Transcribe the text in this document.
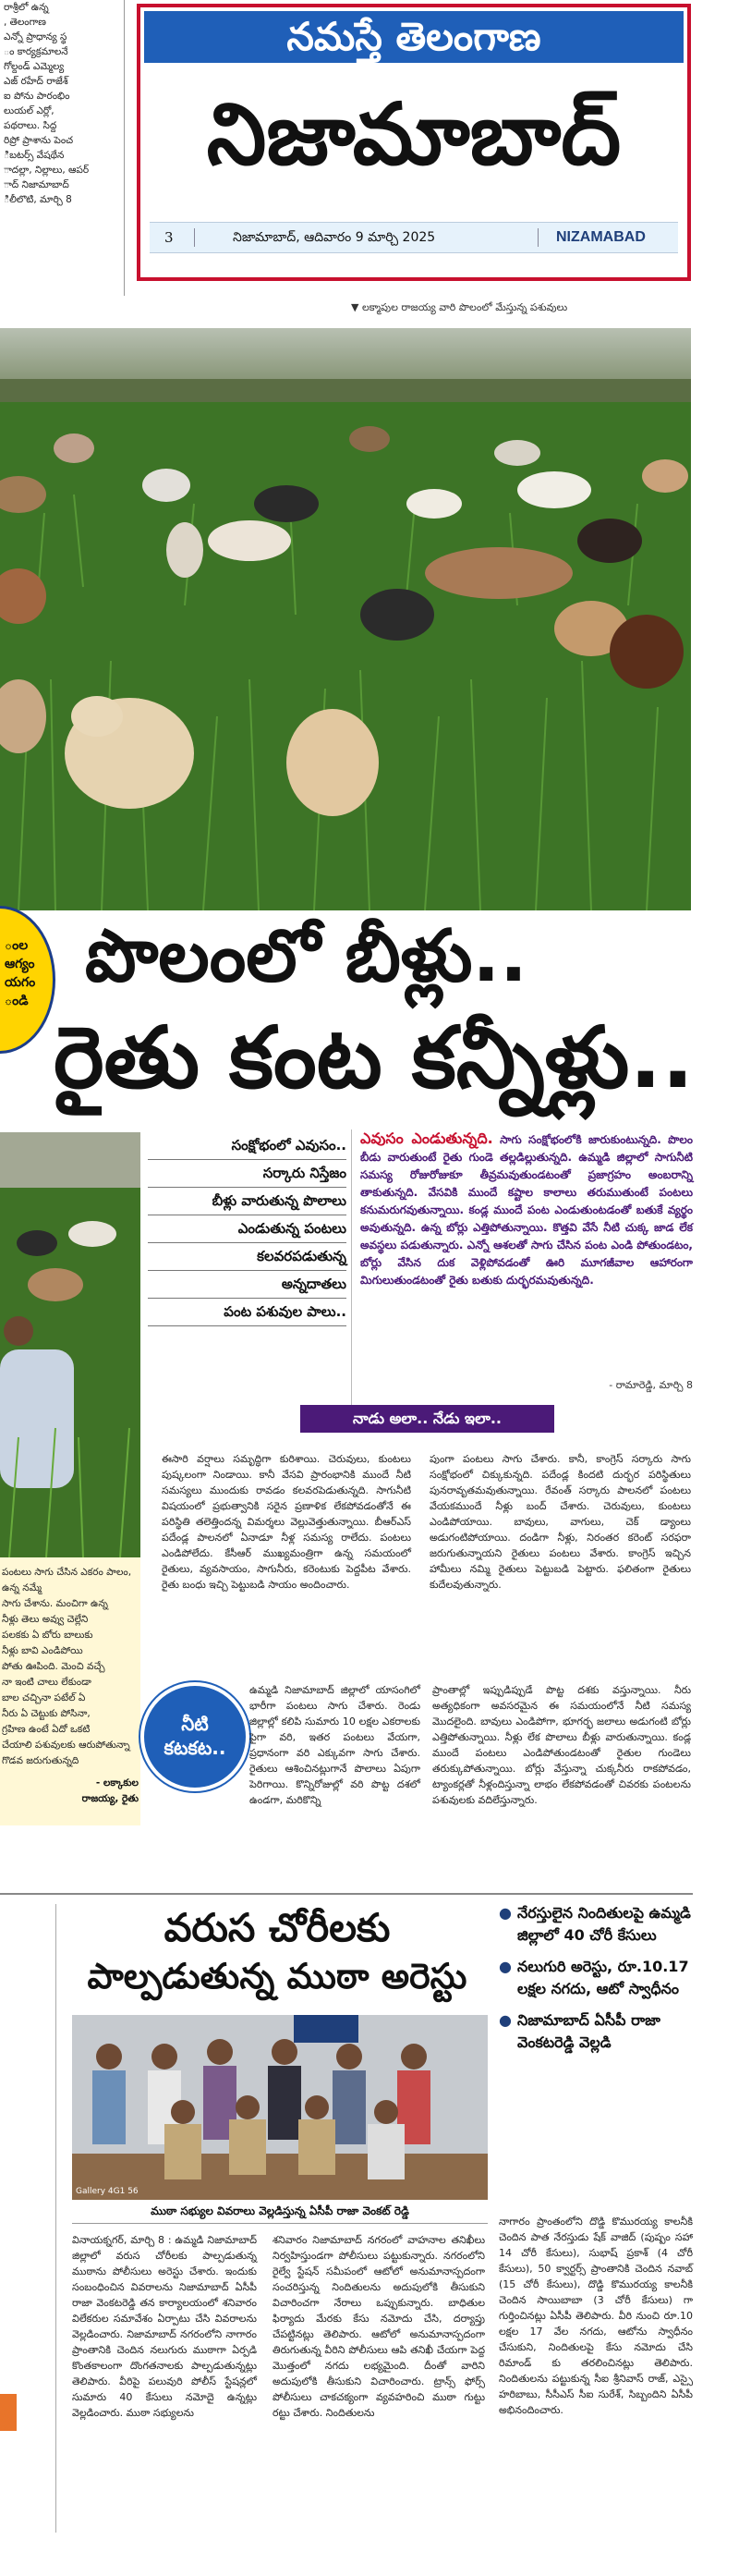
రాశ్రీలో ఉన్న
, తెలంగాణ
ఎన్నో ప్రాధాన్య స్థ
ం కార్యక్రమాలనే
గోల్దండ్ ఎమ్మెల్య
ఎజ్ రహేద్ రాజేశ్
ఐ పోను పారంభిం
లుయల్ ఎర్లో,
పథరాలు. సిద్ద
రిప్రో ప్రాశాను పెంచ
ిబటర్స్ వేషథేన
ాదల్లా, నిల్లాలు, ఆపర్
ాద్ నిజామాబాద్
ిలీలొటి, మార్చి 8
నమస్తే తెలంగాణ
నిజామాబాద్
3	నిజామాబాద్, ఆదివారం 9 మార్చి 2025	NIZAMABAD
▼ లక్మాపుల రాజయ్య వారి పొలంలో మేస్తున్న పశువులు
ంల
ఆగ్యం
యగం
ండి
పొలంలో బీళ్లు..
రైతు కంట కన్నీళ్లు..
సంక్షోభంలో ఎవుసం..
సర్కారు నిస్తేజం
బీళ్లు వారుతున్న పొలాలు
ఎండుతున్న పంటలు
కలవరపడుతున్న
అన్నదాతలు
పంట పశువుల పాలు..
ఎవుసం ఎండుతున్నది. సాగు సంక్షోభంలోకి జారుకుంటున్నది. పొలం బీడు వారుతుంటే రైతు గుండె తల్లడిల్లుతున్నది. ఉమ్మడి జిల్లాలో సాగునీటి సమస్య రోజురోజుకూ తీవ్రమవుతుండటంతో ప్రజాగ్రహం అంబరాన్ని తాకుతున్నది. వేసవికి ముందే కష్టాల కాలాలు తరుముతుంటే పంటలు కనుమరుగవుతున్నాయి. కండ్ల ముందే పంట ఎండుతుంటడంతో బతుకే వ్యర్థం అవుతున్నది. ఉన్న బోర్లు ఎత్తిపోతున్నాయి. కొత్తవి వేసే నీటి చుక్క జాడ లేక అవస్థలు పడుతున్నారు. ఎన్నో ఆశలతో సాగు చేసిన పంట ఎండి పోతుండటం, బోర్లు వేసిన దుక వెళ్లిపోవడంతో ఊరి మూగజీవాల ఆహారంగా మిగులుతుండటంతో రైతు బతుకు దుర్భరమవుతున్నది.
- రామారెడ్డి, మార్చి 8
నాడు అలా.. నేడు ఇలా..
ఈసారి వర్షాలు సమృద్ధిగా కురిశాయి. చెరువులు, కుంటలు పుష్కలంగా నిండాయి. కానీ వేసవి ప్రారంభానికి ముందే నీటి సమస్యలు ముందుకు రావడం కలవరపెడుతున్నది. సాగునీటి విషయంలో ప్రభుత్వానికి సరైన ప్రణాళిక లేకపోవడంతోనే ఈ పరిస్థితి తలెత్తిందన్న విమర్శలు వెల్లువెత్తుతున్నాయి. బీఆర్ఎస్ పదేండ్ల పాలనలో ఏనాడూ నీళ్ల సమస్య రాలేదు. పంటలు ఎండిపోలేదు. కేసీఆర్ ముఖ్యమంత్రిగా ఉన్న సమయంలో రైతులు, వ్యవసాయం, సాగునీరు, కరెంటుకు పెద్దపీట వేశారు. రైతు బంధు ఇచ్చి పెట్టుబడి సాయం అందించారు.
పుంగా పంటలు సాగు చేశారు. కానీ, కాంగ్రెస్ సర్కారు సాగు సంక్షోభంలో చిక్కుకున్నది. పదేండ్ల కిందటి దుర్భర పరిస్థితులు పునరావృతమవుతున్నాయి. రేవంత్ సర్కారు పాలనలో పంటలు వేయకముందే నీళ్లు బంద్ చేశారు. చెరువులు, కుంటలు ఎండిపోయాయి. బావులు, వాగులు, చెక్ డ్యాంలు అడుగంటిపోయాయి. దండిగా నీళ్లు, నిరంతర కరెంట్ సరఫరా జరుగుతున్నాయని రైతులు పంటలు వేశారు. కాంగ్రెస్ ఇచ్చిన హామీలు నమ్మి రైతులు పెట్టుబడి పెట్టారు. ఫలితంగా రైతులు కుదేలవుతున్నారు.
పంటలు సాగు చేసిన ఎకరం పాలం, ఉన్న నమ్మే
సాగు చేశాను. మంచిగా ఉన్న
నీళ్లు తెలు అవ్వు చెల్లేని
పలకకు ఏ బోరు బాలుకు
నీళ్లు బావి ఎండిపోయి
పోతు ఊపింది. మెంచి వచ్చే
నా ఇంటి చాలు లేకుండా
బాల చచ్చినా పటేల్ ఏ
నీరు ఏ చెట్టుకు పోసినా,
గ్రహిణ ఉంటే ఏదో ఒకటి
చేయాలి పశువులకు ఆరుపోతున్నా
గొడవ జరుగుతున్నది
- లక్కాకుల
రాజయ్య, రైతు
నీటి
కటకట..
ఉమ్మడి నిజామాబాద్ జిల్లాలో యాసంగిలో భారీగా పంటలు సాగు చేశారు. రెండు జిల్లాల్లో కలిపి సుమారు 10 లక్షల ఎకరాలకు పైగా వరి, ఇతర పంటలు వేయగా, ప్రధానంగా వరి ఎక్కువగా సాగు చేశారు. రైతులు ఆశించినట్లుగానే పొలాలు ఏపుగా పెరిగాయి. కొన్నిరోజుల్లో వరి పొట్ట దశలో ఉండగా, మరికొన్ని
ప్రాంతాల్లో ఇప్పుడిప్పుడే పొట్ట దశకు వస్తున్నాయి. నీరు అత్యధికంగా అవసరమైన ఈ సమయంలోనే నీటి సమస్య మొదలైంది. బావులు ఎండిపోగా, భూగర్భ జలాలు అడుగంటి బోర్లు ఎత్తిపోతున్నాయి. నీళ్లు లేక పొలాలు బీళ్లు వారుతున్నాయి. కండ్ల ముందే పంటలు ఎండిపోతుండటంతో రైతుల గుండెలు తరుక్కుపోతున్నాయి. బోర్లు వేస్తున్నా చుక్కనీరు రాకపోవడం, ట్యాంకర్లతో నీళ్లందిస్తున్నా లాభం లేకపోవడంతో చివరకు పంటలను పశువులకు వదిలేస్తున్నారు.
వరుస చోరీలకు
పాల్పడుతున్న ముఠా అరెస్టు
● నేరస్తులైన నిందితులపై ఉమ్మడి జిల్లాలో 40 చోరీ కేసులు
● నలుగురి అరెస్టు, రూ.10.17 లక్షల నగదు, ఆటో స్వాధీనం
● నిజామాబాద్ ఏసీపీ రాజా వెంకటరెడ్డి వెల్లడి
Gallery 4G1 56
ముఠా సభ్యుల వివరాలు వెల్లడిస్తున్న ఏసీపీ రాజా వెంకట్ రెడ్డి
వినాయక్నగర్, మార్చి 8 : ఉమ్మడి నిజామాబాద్ జిల్లాలో వరుస చోరీలకు పాల్పడుతున్న ముఠాను పోలీసులు అరెస్టు చేశారు. ఇందుకు సంబంధించిన వివరాలను నిజామాబాద్ ఏసీపీ రాజా వెంకటరెడ్డి తన కార్యాలయంలో శనివారం విలేకరుల సమావేశం ఏర్పాటు చేసి వివరాలను వెల్లడించారు. నిజామాబాద్ నగరంలోని నాగారం ప్రాంతానికి చెందిన నలుగురు ముఠాగా ఏర్పడి కొంతకాలంగా దొంగతనాలకు పాల్పడుతున్నట్లు తెలిపారు. వీరిపై పలువురి పోలీస్ స్టేషన్లలో సుమారు 40 కేసులు నమోదై ఉన్నట్లు వెల్లడించారు. ముఠా సభ్యులను
శనివారం నిజామాబాద్ నగరంలో వాహనాల తనిఖీలు నిర్వహిస్తుండగా పోలీసులు పట్టుకున్నారు. నగరంలోని రైల్వే స్టేషన్ సమీపంలో ఆటోలో అనుమానాస్పదంగా సంచరిస్తున్న నిందితులను అదుపులోకి తీసుకుని విచారించగా నేరాలు ఒప్పుకున్నారు. బాధితుల ఫిర్యాదు మేరకు కేసు నమోదు చేసి, దర్యాప్తు చేపట్టినట్లు తెలిపారు. ఆటోలో అనుమానాస్పదంగా తిరుగుతున్న వీరిని పోలీసులు ఆపి తనిఖీ చేయగా పెద్ద మొత్తంలో నగదు లభ్యమైంది. దీంతో వారిని అదుపులోకి తీసుకుని విచారించారు. ట్రాన్స్ ఫోర్స్ పోలీసులు చాకచక్యంగా వ్యవహరించి ముఠా గుట్టు రట్టు చేశారు. నిందితులను
నాగారం ప్రాంతంలోని దొడ్డి కొమురయ్య కాలనీకి చెందిన పాత నేరస్తుడు షేక్ వాజిద్ (పుష్పం సహా 14 చోరీ కేసులు), సుభాష్ ప్రకాశ్ (4 చోరీ కేసులు), 50 క్వార్టర్స్ ప్రాంతానికి చెందిన నవాబ్ (15 చోరీ కేసులు), దొడ్డి కొమురయ్య కాలనీకి చెందిన సాయిబాబా (3 చోరీ కేసులు) గా గుర్తించినట్లు ఏసీపీ తెలిపారు. వీరి నుంచి రూ.10 లక్షల 17 వేల నగదు, ఆటోను స్వాధీనం చేసుకుని, నిందితులపై కేసు నమోదు చేసి రిమాండ్ కు తరలించినట్లు తెలిపారు. నిందితులను పట్టుకున్న సీఐ శ్రీనివాస్ రాజ్, ఎస్సై హరిబాబు, సీసీఎస్ సీఐ సురేశ్, సిబ్బందిని ఏసీపీ అభినందించారు.
